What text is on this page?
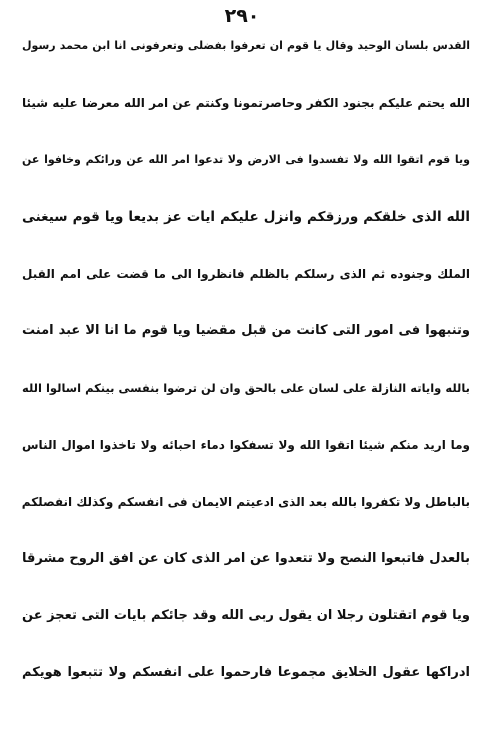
٢٩٠
القدس بلسان الوحيد وقال يا قوم ان تعرفوا بفضلى وتعرفونى انا ابن محمد رسول
الله يحتم عليكم بجنود الكفر وحاصرتمونا وكنتم عن امر الله معرضا عليه شيئا
ويا قوم اتقوا الله ولا تفسدوا فى الارض ولا تدعوا امر الله عن ورائكم وخافوا عن
الله الذى خلقكم ورزقكم وانزل عليكم ايات عز بديعا ويا قوم سيغنى
الملك وجنوده ثم الذى رسلكم بالظلم فانظروا الى ما قضت على امم القبل
وتنبهوا فى امور التى كانت من قبل مقضيا ويا قوم ما انا الا عبد امنت
بالله واياته النازلة على لسان على بالحق وان لن ترضوا بنفسى بينكم اسالوا الله
وما اريد منكم شيئا اتقوا الله ولا تسفكوا دماء احبائه ولا تاخذوا اموال الناس
بالباطل ولا تكفروا بالله بعد الذى ادعيتم الايمان فى انفسكم وكذلك انفصلكم
بالعدل فاتبعوا النصح ولا تتعدوا عن امر الذى كان عن افق الروح مشرقا
ويا قوم اتقتلون رجلا ان يقول ربى الله وقد جائكم بايات التى تعجز عن
ادراكها عقول الخلايق مجموعا فارحموا على انفسكم ولا تتبعوا هويكم
